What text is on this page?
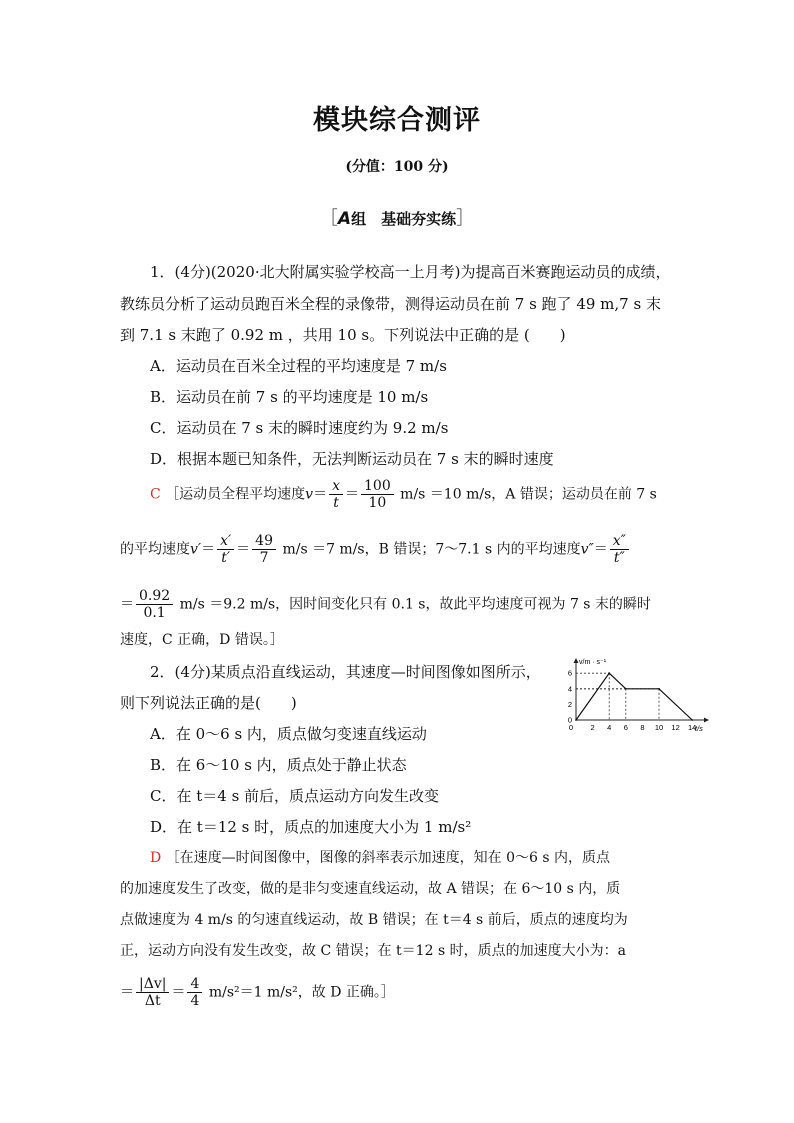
模块综合测评
(分值：100 分)
［A组　基础夯实练］
1．(4分)(2020·北大附属实验学校高一上月考)为提高百米赛跑运动员的成绩，
教练员分析了运动员跑百米全程的录像带，测得运动员在前 7 s 跑了 49 m,7 s 末
到 7.1 s 末跑了 0.92 m ，共用 10 s。下列说法中正确的是 (　　)
A．运动员在百米全过程的平均速度是 7 m/s
B．运动员在前 7 s 的平均速度是 10 m/s
C．运动员在 7 s 末的瞬时速度约为 9.2 m/s
D．根据本题已知条件，无法判断运动员在 7 s 末的瞬时速度
C ［运动员全程平均速度$v= \frac{x}{t} = \frac{100}{10} m/s =10$ m/s，A 错误；运动员在前 7 s
的平均速度$v'= \frac{x'}{t'} = \frac{49}{7} m/s =7$ m/s，B 错误；7～7.1 s 内的平均速度$v''= \frac{x''}{t''}$
＝ $\frac{0.92}{0.1} m/s =9.2$ m/s，因时间变化只有 0.1 s，故此平均速度可视为 7 s 末的瞬时
速度，C 正确，D 错误。］
2．(4分)某质点沿直线运动，其速度—时间图像如图所示，
则下列说法正确的是(　　)
A．在 0～6 s 内，质点做匀变速直线运动
B．在 6～10 s 内，质点处于静止状态
C．在 t＝4 s 前后，质点运动方向发生改变
D．在 t＝12 s 时，质点的加速度大小为 1 m/s²
D ［在速度—时间图像中，图像的斜率表示加速度，知在 0～6 s 内，质点
的加速度发生了改变，做的是非匀变速直线运动，故 A 错误；在 6～10 s 内，质
点做速度为 4 m/s 的匀速直线运动，故 B 错误；在 t＝4 s 前后，质点的速度均为
正，运动方向没有发生改变，故 C 错误；在 t＝12 s 时，质点的加速度大小为：a
＝ $\frac{|\Delta v|}{\Delta t} = \frac{4}{4} m/s^2=1$ m/s²，故 D 正确。］
v/m · s⁻¹
t/s
0 2 4 6 8 10 12 14
0
2
4
6
